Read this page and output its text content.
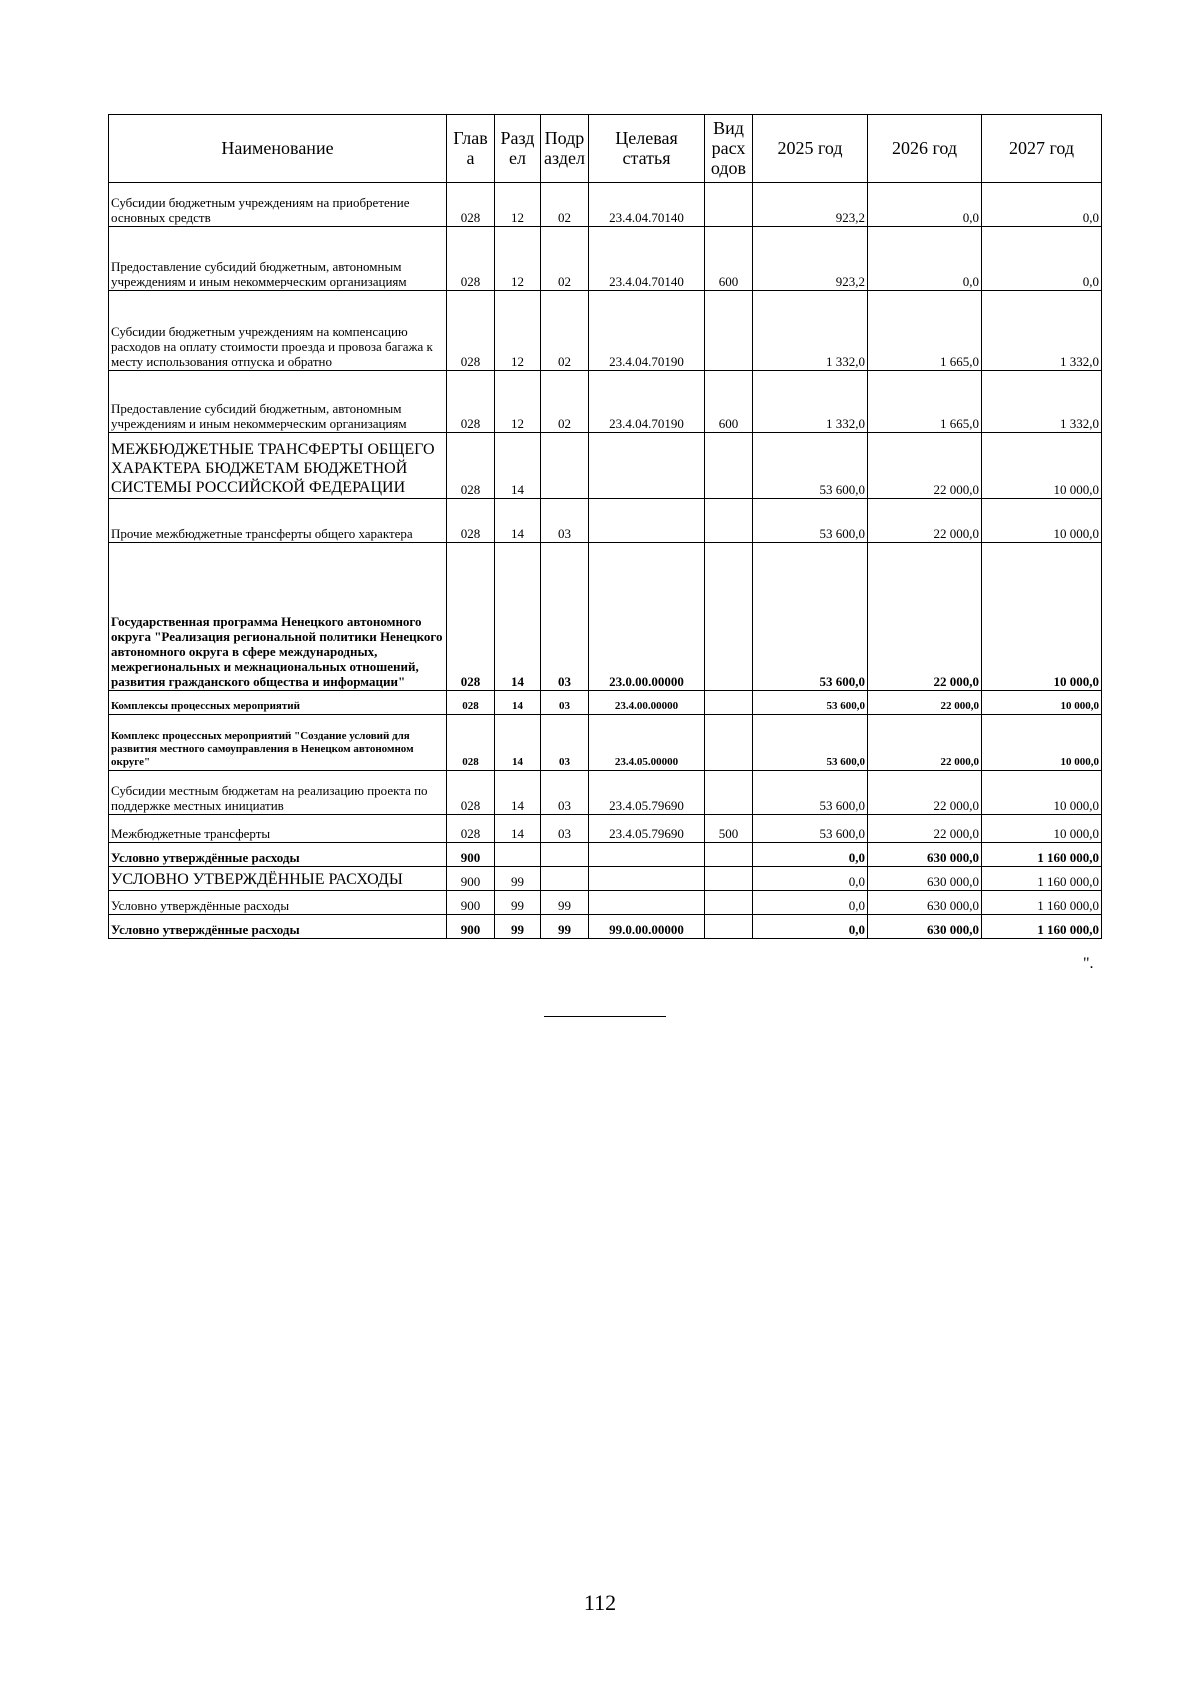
Наименование	Глав а	Разд ел	Подр аздел	Целевая статья	Вид расх одов	2025 год	2026 год	2027 год
Субсидии бюджетным учреждениям на приобретение основных средств	028	12	02	23.4.04.70140		923,2	0,0	0,0
Предоставление субсидий бюджетным, автономным учреждениям и иным некоммерческим организациям	028	12	02	23.4.04.70140	600	923,2	0,0	0,0
Субсидии бюджетным учреждениям на компенсацию расходов на оплату стоимости проезда и провоза багажа к месту использования отпуска и обратно	028	12	02	23.4.04.70190		1 332,0	1 665,0	1 332,0
Предоставление субсидий бюджетным, автономным учреждениям и иным некоммерческим организациям	028	12	02	23.4.04.70190	600	1 332,0	1 665,0	1 332,0
МЕЖБЮДЖЕТНЫЕ ТРАНСФЕРТЫ ОБЩЕГО ХАРАКТЕРА БЮДЖЕТАМ БЮДЖЕТНОЙ СИСТЕМЫ РОССИЙСКОЙ ФЕДЕРАЦИИ	028	14				53 600,0	22 000,0	10 000,0
Прочие межбюджетные трансферты общего характера	028	14	03			53 600,0	22 000,0	10 000,0
Государственная программа Ненецкого автономного округа "Реализация региональной политики Ненецкого автономного округа в сфере международных, межрегиональных и межнациональных отношений, развития гражданского общества и информации"	028	14	03	23.0.00.00000		53 600,0	22 000,0	10 000,0
Комплексы процессных мероприятий	028	14	03	23.4.00.00000		53 600,0	22 000,0	10 000,0
Комплекс процессных мероприятий "Создание условий для развития местного самоуправления в Ненецком автономном округе"	028	14	03	23.4.05.00000		53 600,0	22 000,0	10 000,0
Субсидии местным бюджетам на реализацию проекта по поддержке местных инициатив	028	14	03	23.4.05.79690		53 600,0	22 000,0	10 000,0
Межбюджетные трансферты	028	14	03	23.4.05.79690	500	53 600,0	22 000,0	10 000,0
Условно утверждённые расходы	900					0,0	630 000,0	1 160 000,0
УСЛОВНО УТВЕРЖДЁННЫЕ РАСХОДЫ	900	99				0,0	630 000,0	1 160 000,0
Условно утверждённые расходы	900	99	99			0,0	630 000,0	1 160 000,0
Условно утверждённые расходы	900	99	99	99.0.00.00000		0,0	630 000,0	1 160 000,0
".
112
